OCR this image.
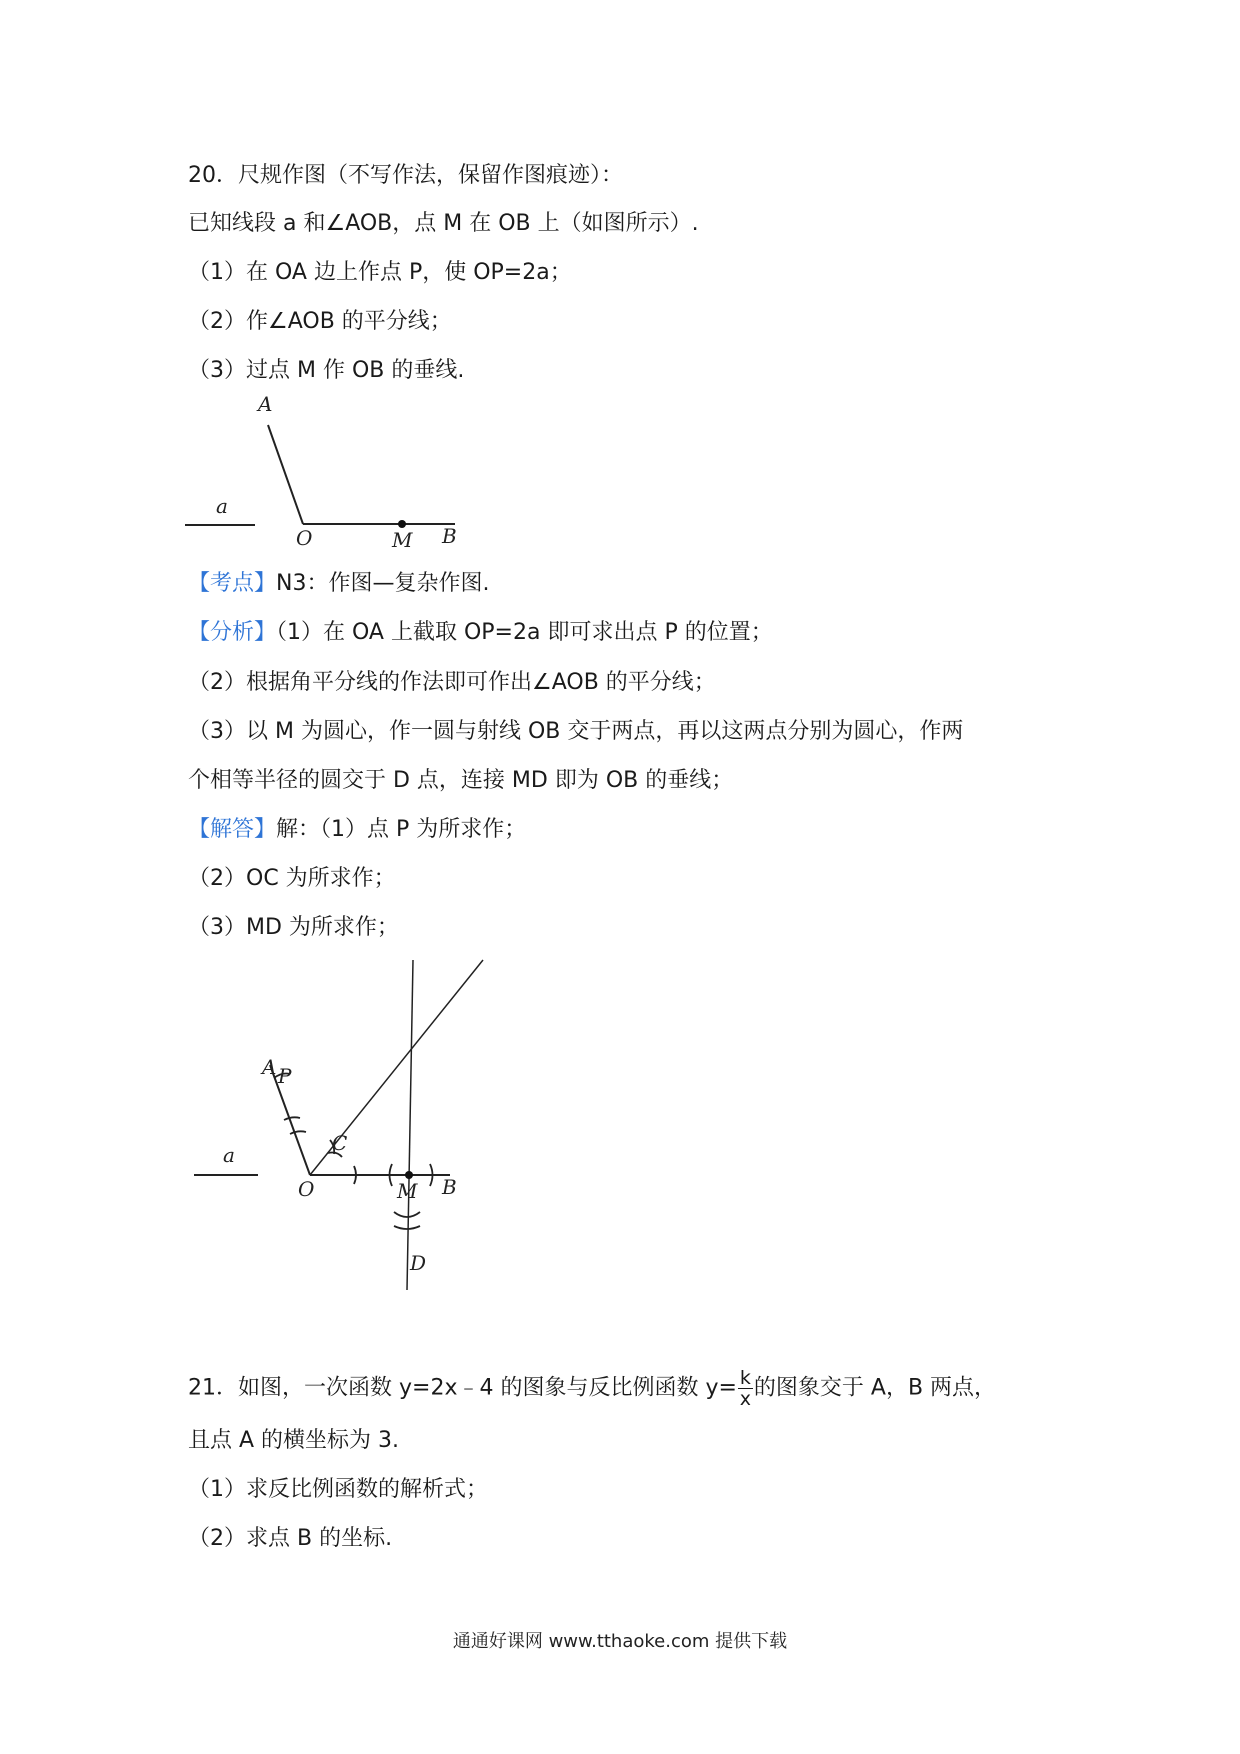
20．尺规作图（不写作法，保留作图痕迹）：
已知线段 a 和∠AOB，点 M 在 OB 上（如图所示）.
（1）在 OA 边上作点 P，使 OP=2a；
（2）作∠AOB 的平分线；
（3）过点 M 作 OB 的垂线.
a
A
O	M B
【考点】N3：作图—复杂作图.
【分析】（1）在 OA 上截取 OP=2a 即可求出点 P 的位置；
（2）根据角平分线的作法即可作出∠AOB 的平分线；
（3）以 M 为圆心，作一圆与射线 OB 交于两点，再以这两点分别为圆心，作两
个相等半径的圆交于 D 点，连接 MD 即为 OB 的垂线；
【解答】解：（1）点 P 为所求作；
（2）OC 为所求作；
（3）MD 为所求作；
a
A P
C
O	M B
D
21．如图，一次函数 y=2x﹣4 的图象与反比例函数 $y= \frac{k}{x}$ 的图象交于 A，B 两点，
且点 A 的横坐标为 3.
（1）求反比例函数的解析式；
（2）求点 B 的坐标.
通通好课网 www.tthaoke.com 提供下载
